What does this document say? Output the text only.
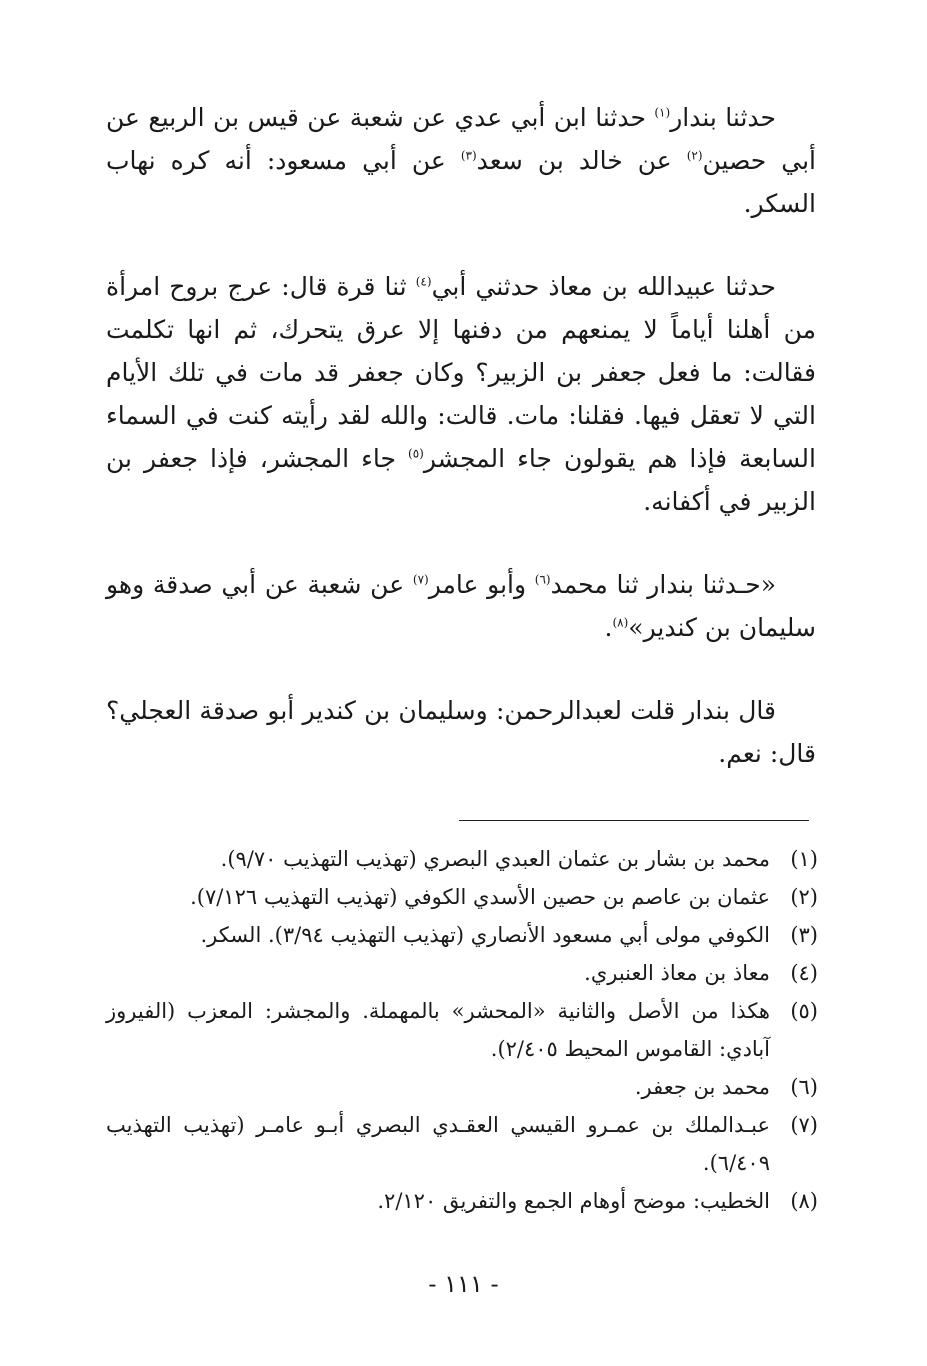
حدثنا بندار$^{(١)}$ حدثنا ابن أبي عدي عن شعبة عن قيس بن الربيع عن أبي حصين$^{(٢)}$ عن خالد بن سعد$^{(٣)}$ عن أبي مسعود: أنه كره نهاب السكر.

حدثنا عبيدالله بن معاذ حدثني أبي$^{(٤)}$ ثنا قرة قال: عرج بروح امرأة من أهلنا أياماً لا يمنعهم من دفنها إلا عرق يتحرك، ثم انها تكلمت فقالت: ما فعل جعفر بن الزبير؟ وكان جعفر قد مات في تلك الأيام التي لا تعقل فيها. فقلنا: مات. قالت: والله لقد رأيته كنت في السماء السابعة فإذا هم يقولون جاء المجشر$^{(٥)}$ جاء المجشر، فإذا جعفر بن الزبير في أكفانه.

«حـدثنا بندار ثنا محمد$^{(٦)}$ وأبو عامر$^{(٧)}$ عن شعبة عن أبي صدقة وهو سليمان بن كندير»$^{(٨)}$.

قال بندار قلت لعبدالرحمن: وسليمان بن كندير أبو صدقة العجلي؟ قال: نعم.

(١)
محمد بن بشار بن عثمان العبدي البصري (تهذيب التهذيب ٩/٧٠).
(٢)
عثمان بن عاصم بن حصين الأسدي الكوفي (تهذيب التهذيب ٧/١٢٦).
(٣)
الكوفي مولى أبي مسعود الأنصاري (تهذيب التهذيب ٣/٩٤). السكر.
(٤)
معاذ بن معاذ العنبري.
(٥)
هكذا من الأصل والثانية «المحشر» بالمهملة. والمجشر: المعزب (الفيروز آبادي: القاموس المحيط ٢/٤٠٥).
(٦)
محمد بن جعفر.
(٧)
عبـدالملك بن عمـرو القيسي العقـدي البصري أبـو عامـر (تهذيب التهذيب ٦/٤٠٩).
(٨)
الخطيب: موضح أوهام الجمع والتفريق ٢/١٢٠.
- ١١١ -
